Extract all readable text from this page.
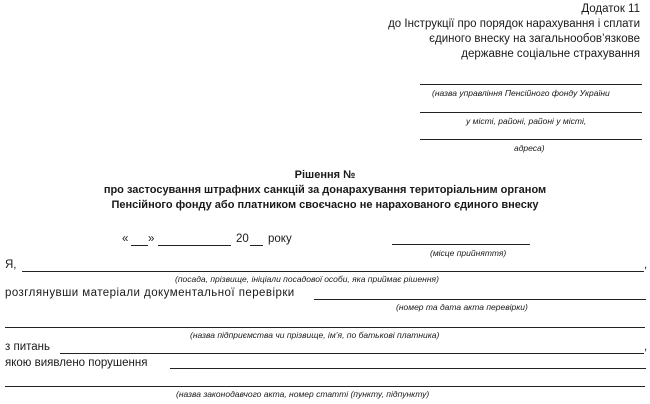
Додаток 11
до Інструкції про порядок нарахування і сплати
єдиного внеску на загальнообов’язкове
державне соціальне страхування
(назва управління Пенсійного фонду України
у місті, районі, районі у місті,
адреса)
Рішення №
про застосування штрафних санкцій за донарахування територіальним органом
Пенсійного фонду або платником своєчасно не нарахованого єдиного внеску
« »	20 року
(місце прийняття)
Я,	,
(посада, прізвище, ініціали посадової особи, яка приймає рішення)
розглянувши матеріали документальної перевірки
(номер та дата акта перевірки)
(назва підприємства чи прізвище, ім’я, по батькові платника)
з питань	,
якою виявлено порушення
(назва законодавчого акта, номер статті (пункту, підпункту)
